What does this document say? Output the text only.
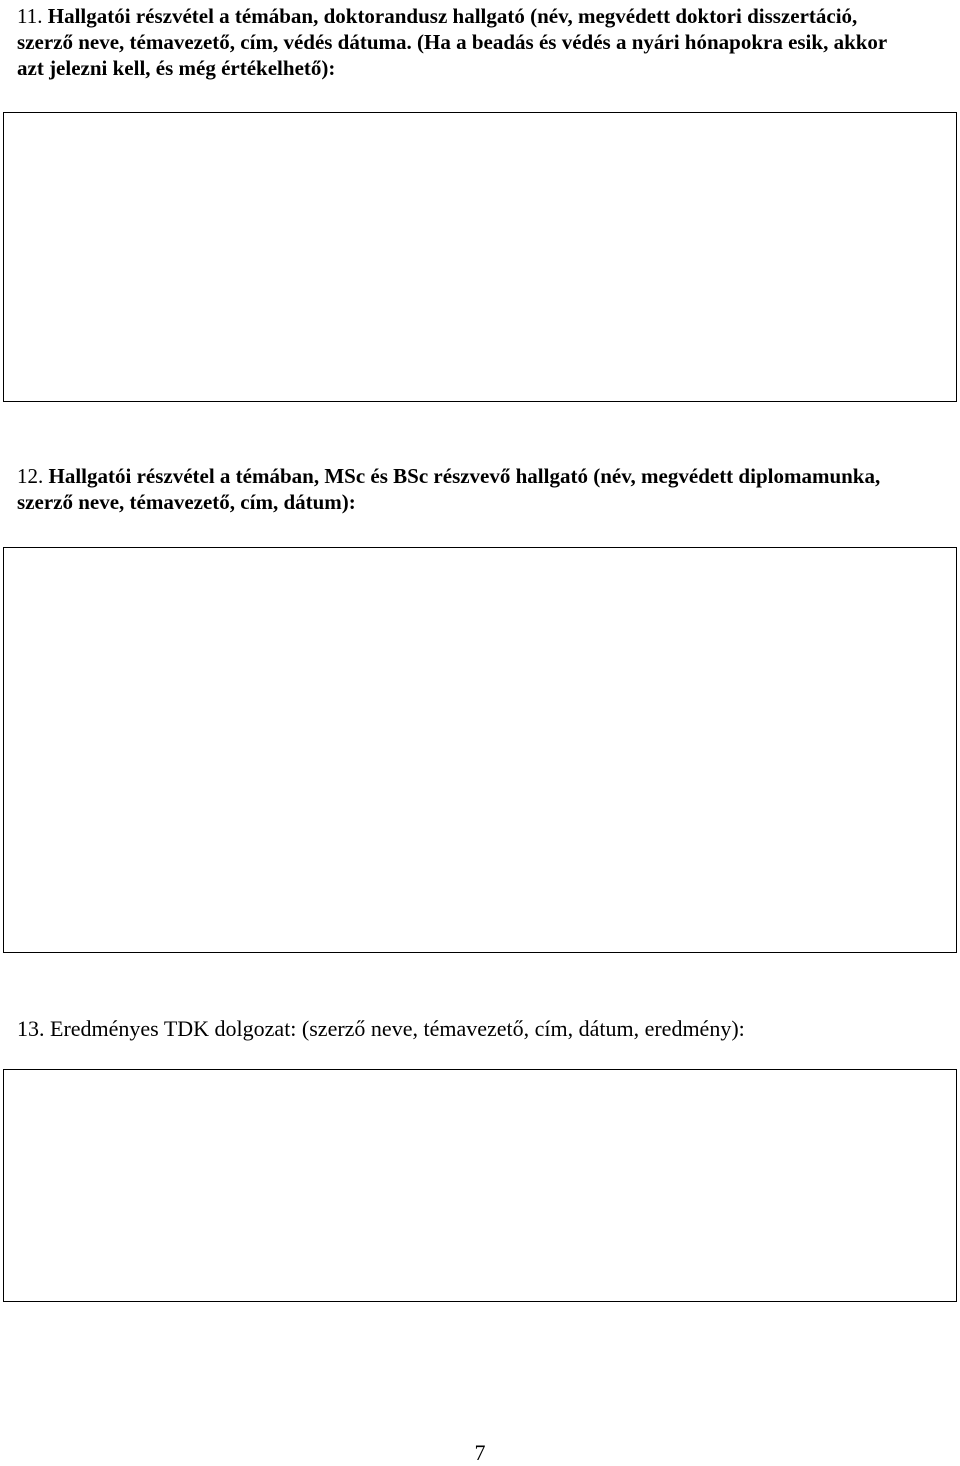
11. Hallgatói részvétel a témában, doktorandusz hallgató (név, megvédett doktori disszertáció, szerző neve, témavezető, cím, védés dátuma. (Ha a beadás és védés a nyári hónapokra esik, akkor azt jelezni kell, és még értékelhető):

12. Hallgatói részvétel a témában, MSc és BSc részvevő hallgató (név, megvédett diplomamunka, szerző neve, témavezető, cím, dátum):

13. Eredményes TDK dolgozat: (szerző neve, témavezető, cím, dátum, eredmény):

7
